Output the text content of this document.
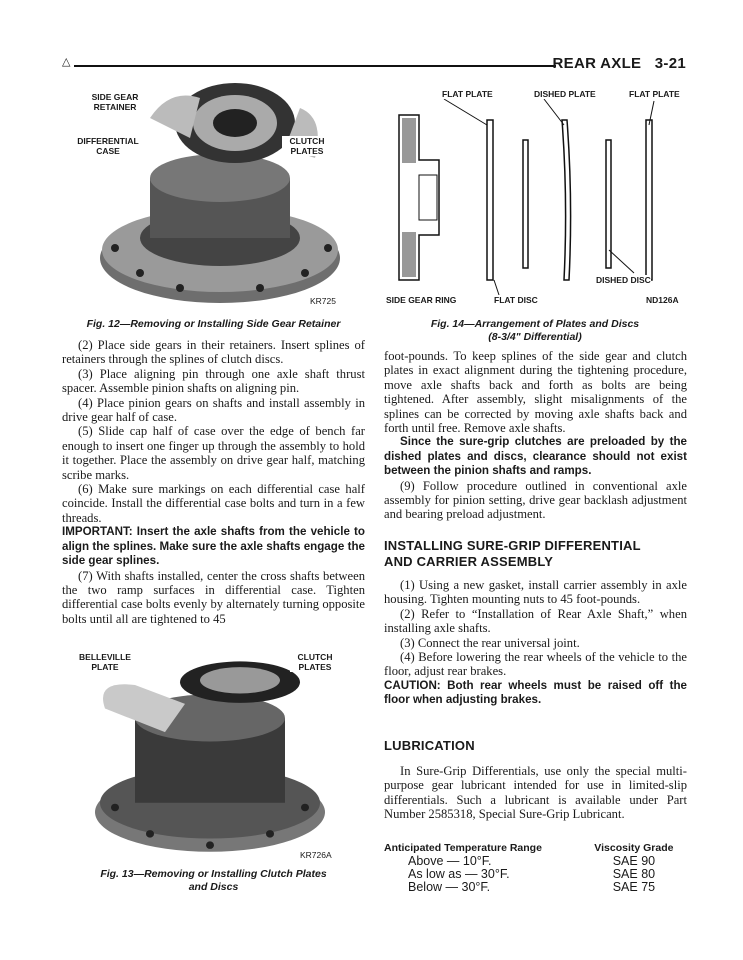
△	REAR AXLE 3-21
SIDE GEAR RETAINER
DIFFERENTIAL CASE
CLUTCH PLATES
KR725
Fig. 12—Removing or Installing Side Gear Retainer

(2) Place side gears in their retainers. Insert splines of retainers through the splines of clutch discs.

(3) Place aligning pin through one axle shaft thrust spacer. Assemble pinion shafts on aligning pin.

(4) Place pinion gears on shafts and install assembly in drive gear half of case.

(5) Slide cap half of case over the edge of bench far enough to insert one finger up through the assembly to hold it together. Place the assembly on drive gear half, matching scribe marks.

(6) Make sure markings on each differential case half coincide. Install the differential case bolts and turn in a few threads.

IMPORTANT: Insert the axle shafts from the vehicle to align the splines. Make sure the axle shafts engage the side gear splines.

(7) With shafts installed, center the cross shafts between the two ramp surfaces in differential case. Tighten differential case bolts evenly by alternately turning opposite bolts until all are tightened to 45

BELLEVILLE PLATE
CLUTCH PLATES
KR726A
Fig. 13—Removing or Installing Clutch Plates
and Discs
FLAT PLATE	DISHED PLATE	FLAT PLATE
DISHED DISC
SIDE GEAR RING	FLAT DISC	ND126A
Fig. 14—Arrangement of Plates and Discs
(8-3/4" Differential)

foot-pounds. To keep splines of the side gear and clutch plates in exact alignment during the tightening procedure, move axle shafts back and forth as bolts are being tightened. After assembly, slight misalignments of the splines can be corrected by moving axle shafts back and forth until free. Remove axle shafts.

Since the sure-grip clutches are preloaded by the dished plates and discs, clearance should not exist between the pinion shafts and ramps.

(9) Follow procedure outlined in conventional axle assembly for pinion setting, drive gear backlash adjustment and bearing preload adjustment.

INSTALLING SURE-GRIP DIFFERENTIAL
AND CARRIER ASSEMBLY

(1) Using a new gasket, install carrier assembly in axle housing. Tighten mounting nuts to 45 foot-pounds.

(2) Refer to “Installation of Rear Axle Shaft,” when installing axle shafts.

(3) Connect the rear universal joint.

(4) Before lowering the rear wheels of the vehicle to the floor, adjust rear brakes.

CAUTION: Both rear wheels must be raised off the floor when adjusting brakes.

LUBRICATION

In Sure-Grip Differentials, use only the special multi-purpose gear lubricant intended for use in limited-slip differentials. Such a lubricant is available under Part Number 2585318, Special Sure-Grip Lubricant.

Anticipated Temperature Range	Viscosity Grade
Above — 10°F.	SAE 90
As low as — 30°F.	SAE 80
Below — 30°F.	SAE 75
